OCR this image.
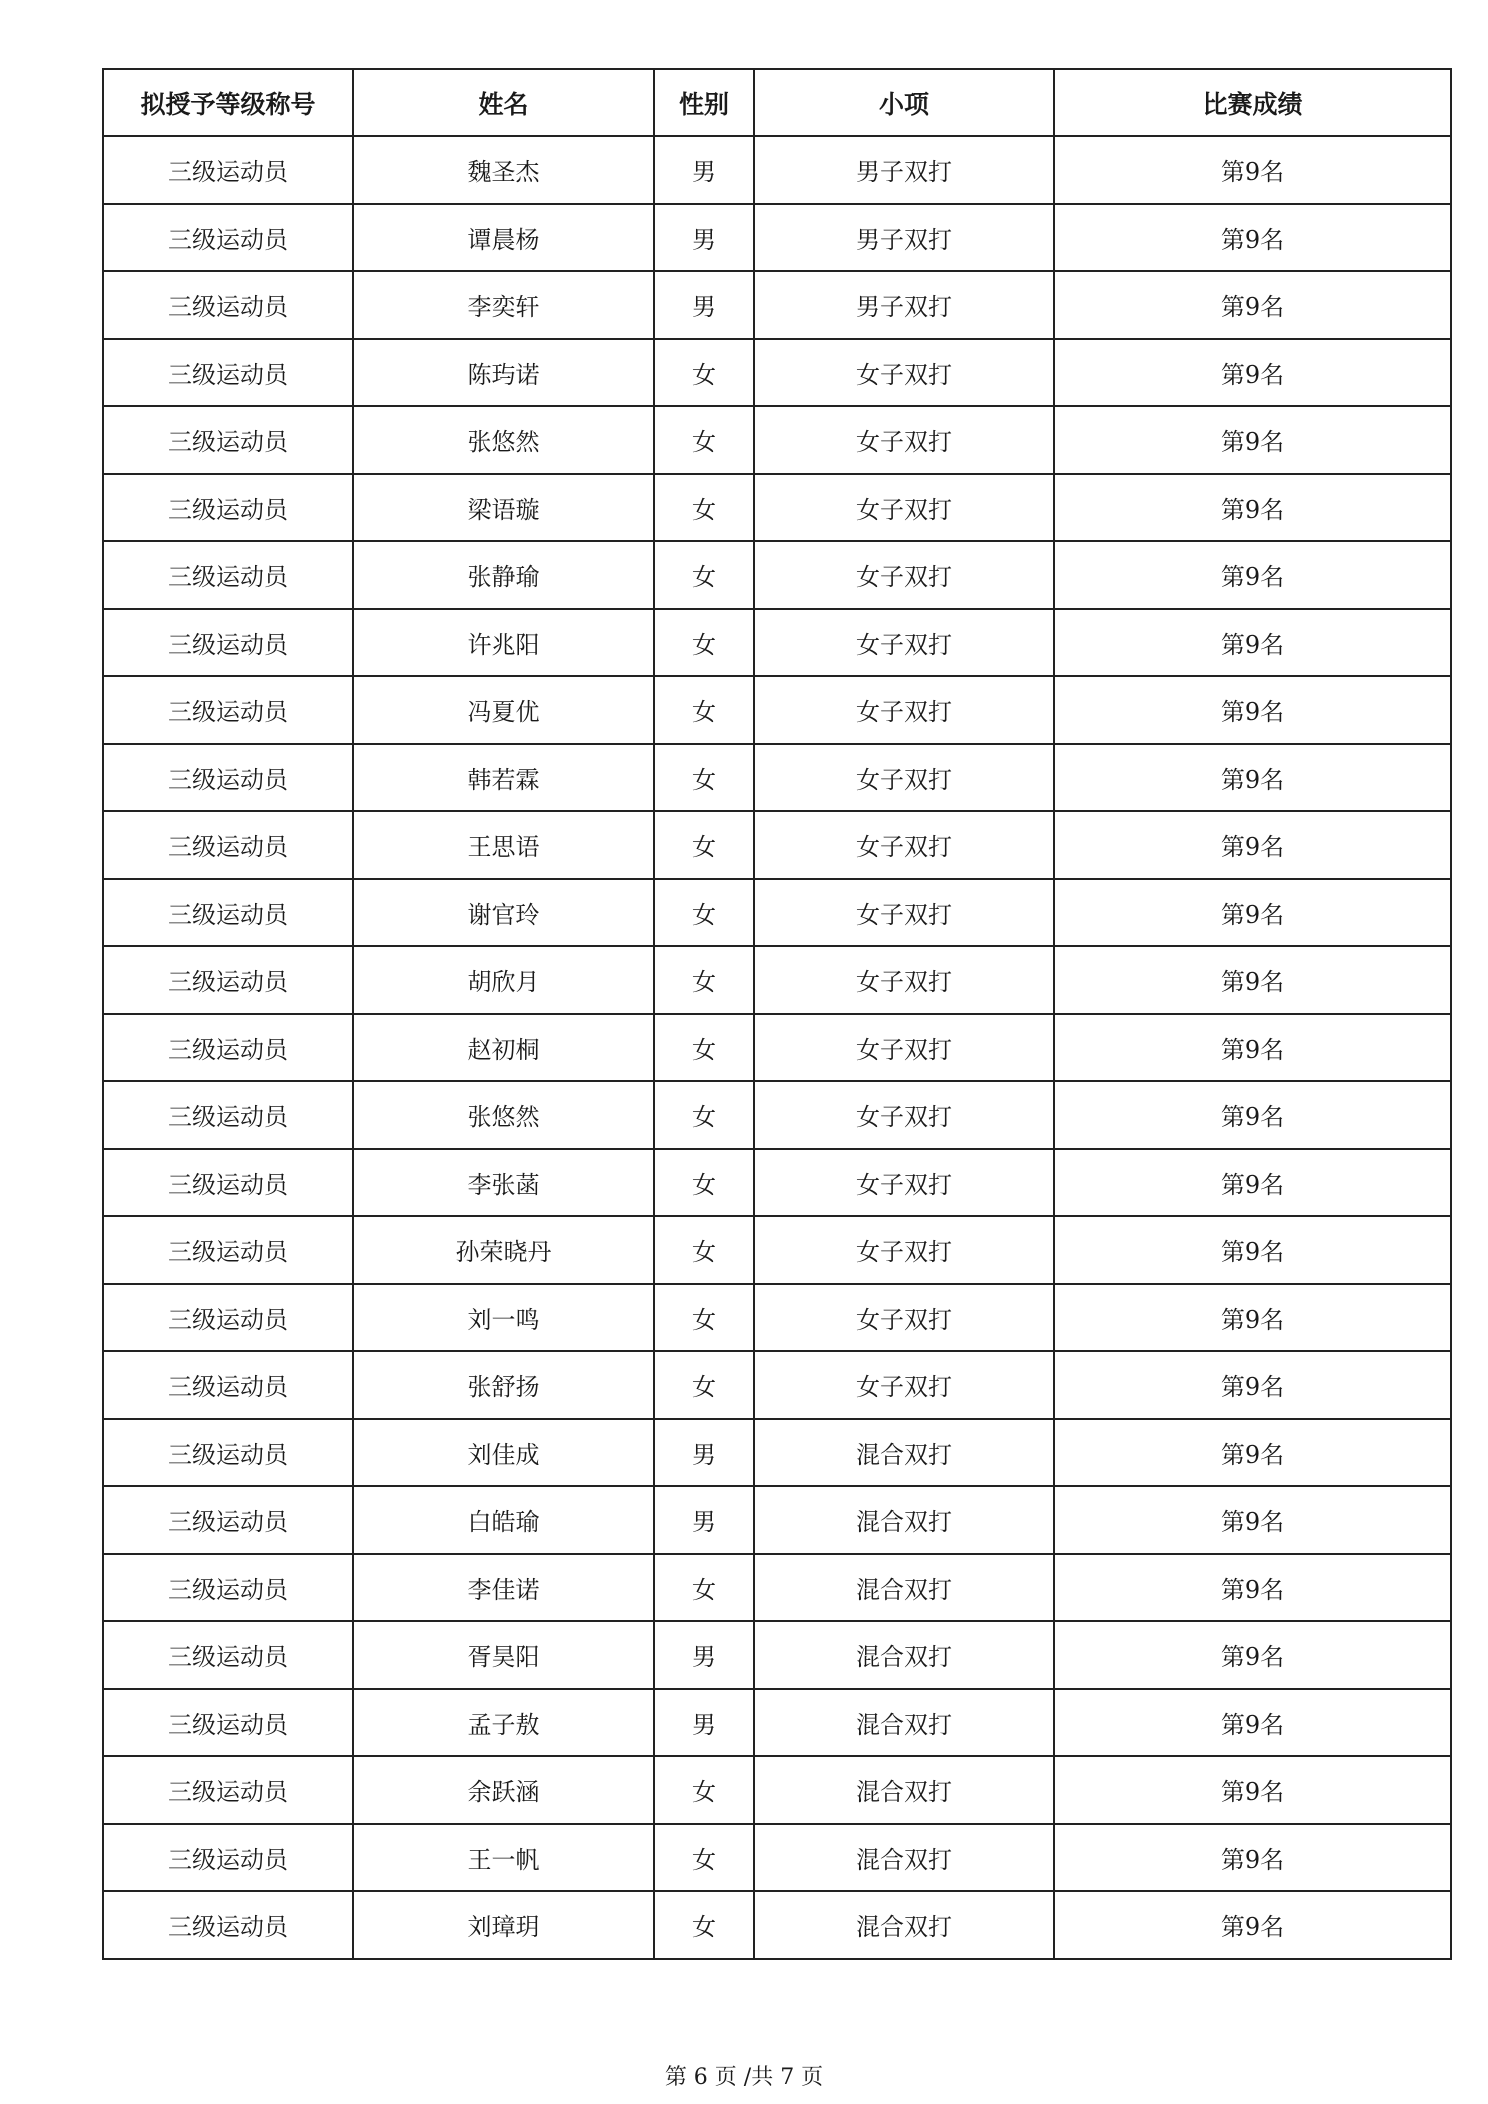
拟授予等级称号	姓名	性别	小项	比赛成绩
三级运动员	魏圣杰	男	男子双打	第9名
三级运动员	谭晨杨	男	男子双打	第9名
三级运动员	李奕轩	男	男子双打	第9名
三级运动员	陈玙诺	女	女子双打	第9名
三级运动员	张悠然	女	女子双打	第9名
三级运动员	梁语璇	女	女子双打	第9名
三级运动员	张静瑜	女	女子双打	第9名
三级运动员	许兆阳	女	女子双打	第9名
三级运动员	冯夏优	女	女子双打	第9名
三级运动员	韩若霖	女	女子双打	第9名
三级运动员	王思语	女	女子双打	第9名
三级运动员	谢官玲	女	女子双打	第9名
三级运动员	胡欣月	女	女子双打	第9名
三级运动员	赵初桐	女	女子双打	第9名
三级运动员	张悠然	女	女子双打	第9名
三级运动员	李张菡	女	女子双打	第9名
三级运动员	孙荣晓丹	女	女子双打	第9名
三级运动员	刘一鸣	女	女子双打	第9名
三级运动员	张舒扬	女	女子双打	第9名
三级运动员	刘佳成	男	混合双打	第9名
三级运动员	白皓瑜	男	混合双打	第9名
三级运动员	李佳诺	女	混合双打	第9名
三级运动员	胥昊阳	男	混合双打	第9名
三级运动员	孟子敖	男	混合双打	第9名
三级运动员	余跃涵	女	混合双打	第9名
三级运动员	王一帆	女	混合双打	第9名
三级运动员	刘璋玥	女	混合双打	第9名
第 6 页 /共 7 页
